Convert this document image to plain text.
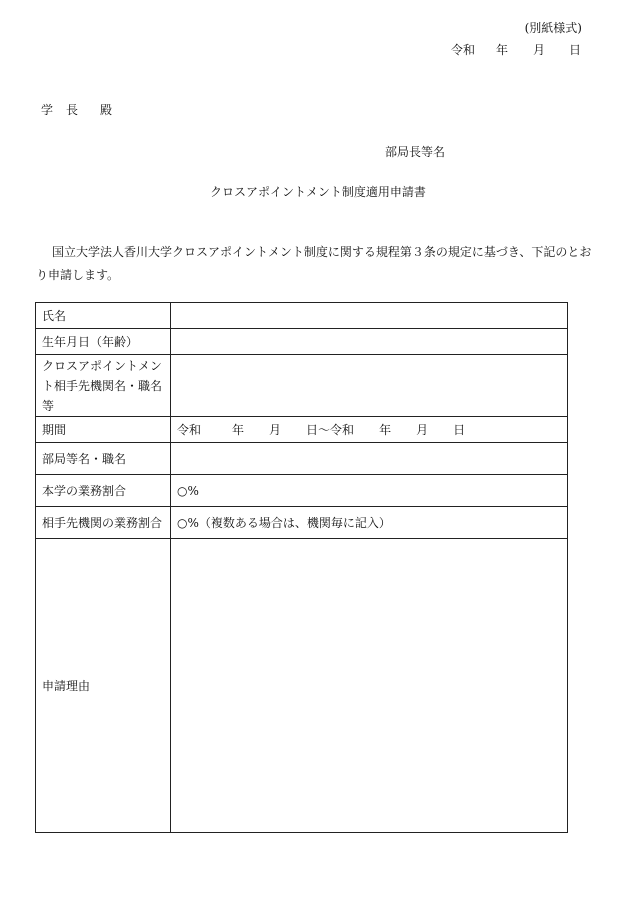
(別紙様式)
令和 年 月 日
学 長 殿
部局長等名
クロスアポイントメント制度適用申請書
国立大学法人香川大学クロスアポイントメント制度に関する規程第３条の規定に基づき、下記のとおり申請します。
氏名	
生年月日（年齢）	
クロスアポイントメント相手先機関名・職名等	
期間	令和 年 月 日～令和 年 月 日
部局等名・職名	
本学の業務割合	○%
相手先機関の業務割合	○%（複数ある場合は、機関毎に記入）
申請理由	
